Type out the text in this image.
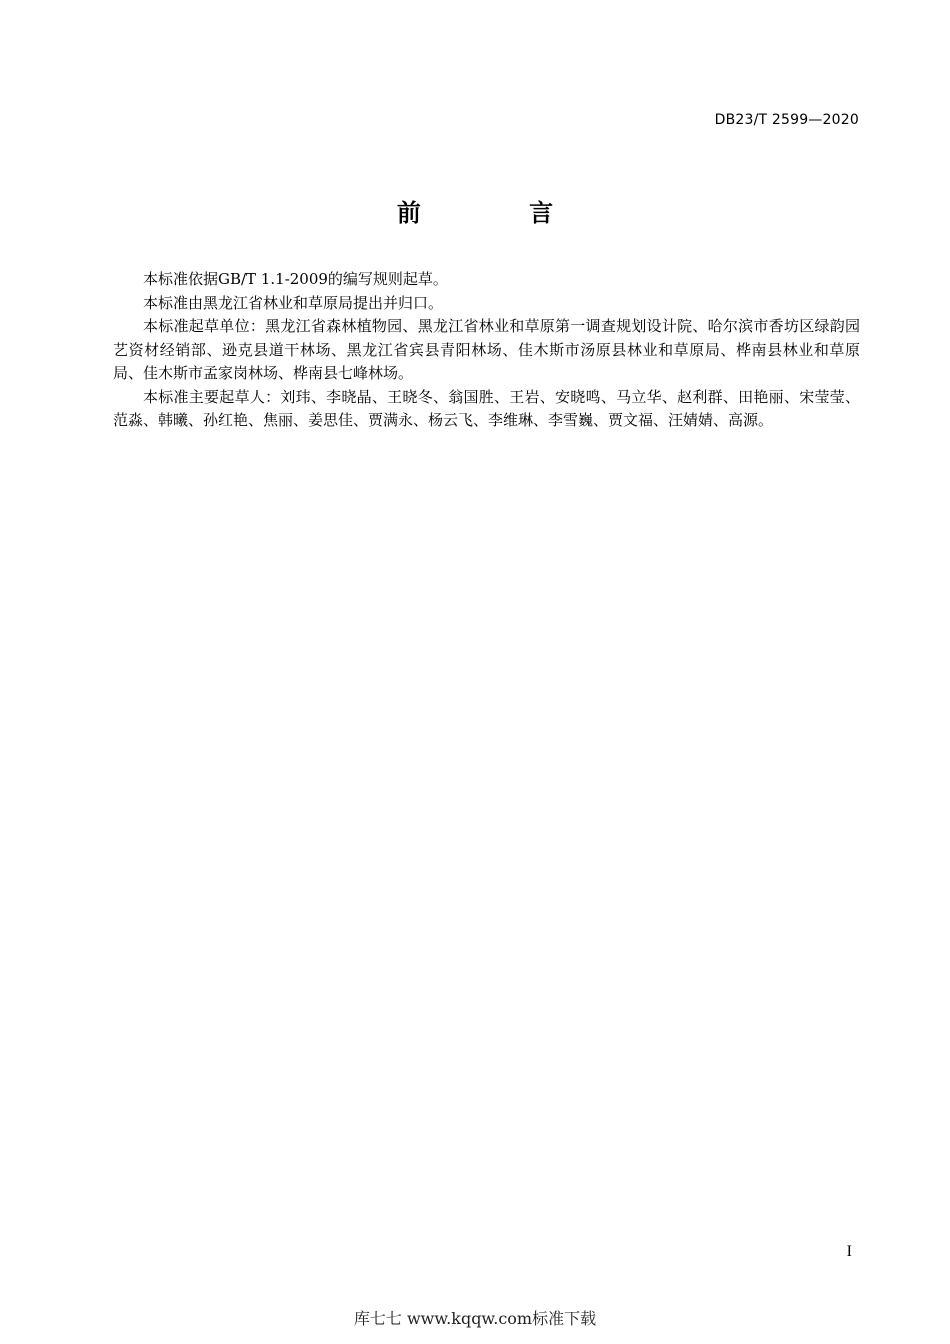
DB23/T 2599—2020
前 言

本标准依据GB/T 1.1-2009的编写规则起草。

本标准由黑龙江省林业和草原局提出并归口。

本标准起草单位：黑龙江省森林植物园、黑龙江省林业和草原第一调查规划设计院、哈尔滨市香坊区绿韵园艺资材经销部、逊克县道干林场、黑龙江省宾县青阳林场、佳木斯市汤原县林业和草原局、桦南县林业和草原局、佳木斯市孟家岗林场、桦南县七峰林场。

本标准主要起草人：刘玮、李晓晶、王晓冬、翁国胜、王岩、安晓鸣、马立华、赵利群、田艳丽、宋莹莹、范淼、韩曦、孙红艳、焦丽、姜思佳、贾满永、杨云飞、李维琳、李雪巍、贾文福、汪婧婧、高源。

I
库七七 www.kqqw.com标准下载
